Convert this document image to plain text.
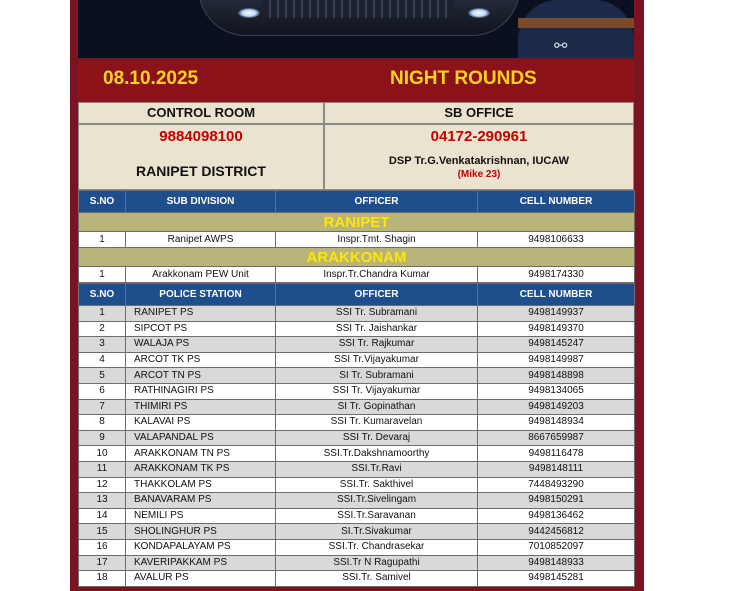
⚯
08.10.2025	NIGHT ROUNDS
CONTROL ROOM	SB OFFICE
9884098100
RANIPET DISTRICT
04172-290961
DSP Tr.G.Venkatakrishnan, IUCAW
(Mike 23)
S.NO	SUB DIVISION	OFFICER	CELL NUMBER
RANIPET			
1	Ranipet AWPS	Inspr.Tmt. Shagin	9498106633
ARAKKONAM			
1	Arakkonam PEW Unit	Inspr.Tr.Chandra Kumar	9498174330
S.NO	POLICE STATION	OFFICER	CELL NUMBER
1	RANIPET PS	SSI Tr. Subramani	9498149937
2	SIPCOT PS	SSI Tr. Jaishankar	9498149370
3	WALAJA PS	SSI Tr. Rajkumar	9498145247
4	ARCOT TK PS	SSI Tr.Vijayakumar	9498149987
5	ARCOT TN PS	SI Tr. Subramani	9498148898
6	RATHINAGIRI PS	SSI Tr. Vijayakumar	9498134065
7	THIMIRI PS	SI Tr. Gopinathan	9498149203
8	KALAVAI PS	SSI Tr. Kumaravelan	9498148934
9	VALAPANDAL PS	SSI Tr. Devaraj	8667659987
10	ARAKKONAM TN PS	SSI.Tr.Dakshnamoorthy	9498116478
11	ARAKKONAM TK PS	SSI.Tr.Ravi	9498148111
12	THAKKOLAM PS	SSI.Tr. Sakthivel	7448493290
13	BANAVARAM PS	SSI.Tr.Sivelingam	9498150291
14	NEMILI PS	SSI.Tr.Saravanan	9498136462
15	SHOLINGHUR PS	SI.Tr.Sivakumar	9442456812
16	KONDAPALAYAM PS	SSI.Tr. Chandrasekar	7010852097
17	KAVERIPAKKAM PS	SSI.Tr N Ragupathi	9498148933
18	AVALUR PS	SSI.Tr. Samivel	9498145281
